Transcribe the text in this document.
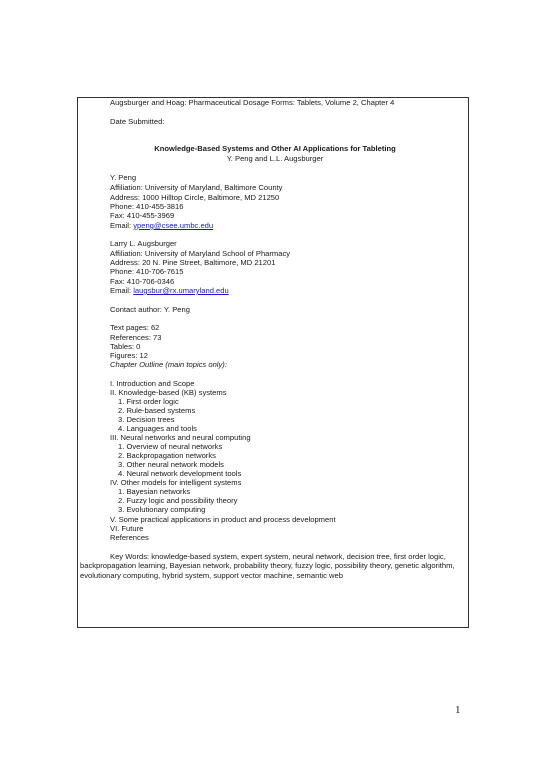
Augsburger and Hoag: Pharmaceutical Dosage Forms: Tablets, Volume 2, Chapter 4
Date Submitted:
Knowledge-Based Systems and Other AI Applications for Tableting
Y. Peng and L.L. Augsburger
Y. Peng
Affiliation: University of Maryland, Baltimore County
Address: 1000 Hilltop Circle, Baltimore, MD 21250
Phone: 410-455-3816
Fax: 410-455-3969
Email: ypeng@csee.umbc.edu
Larry L. Augsburger
Affiliation: University of Maryland School of Pharmacy
Address: 20 N. Pine Street, Baltimore, MD 21201
Phone: 410-706-7615
Fax: 410-706-0346
Email: laugsbur@rx.umaryland.edu
Contact author: Y. Peng
Text pages: 62
References: 73
Tables: 0
Figures: 12
Chapter Outline (main topics only):
I. Introduction and Scope
II. Knowledge-based (KB) systems
1. First order logic
2. Rule-based systems
3. Decision trees
4. Languages and tools
III. Neural networks and neural computing
1. Overview of neural networks
2. Backpropagation networks
3. Other neural network models
4. Neural network development tools
IV. Other models for intelligent systems
1. Bayesian networks
2. Fuzzy logic and possibility theory
3. Evolutionary computing
V. Some practical applications in product and process development
VI. Future
References
Key Words: knowledge-based system, expert system, neural network, decision tree, first order logic, backpropagation learning, Bayesian network, probability theory, fuzzy logic, possibility theory, genetic algorithm, evolutionary computing, hybrid system, support vector machine, semantic web
1
